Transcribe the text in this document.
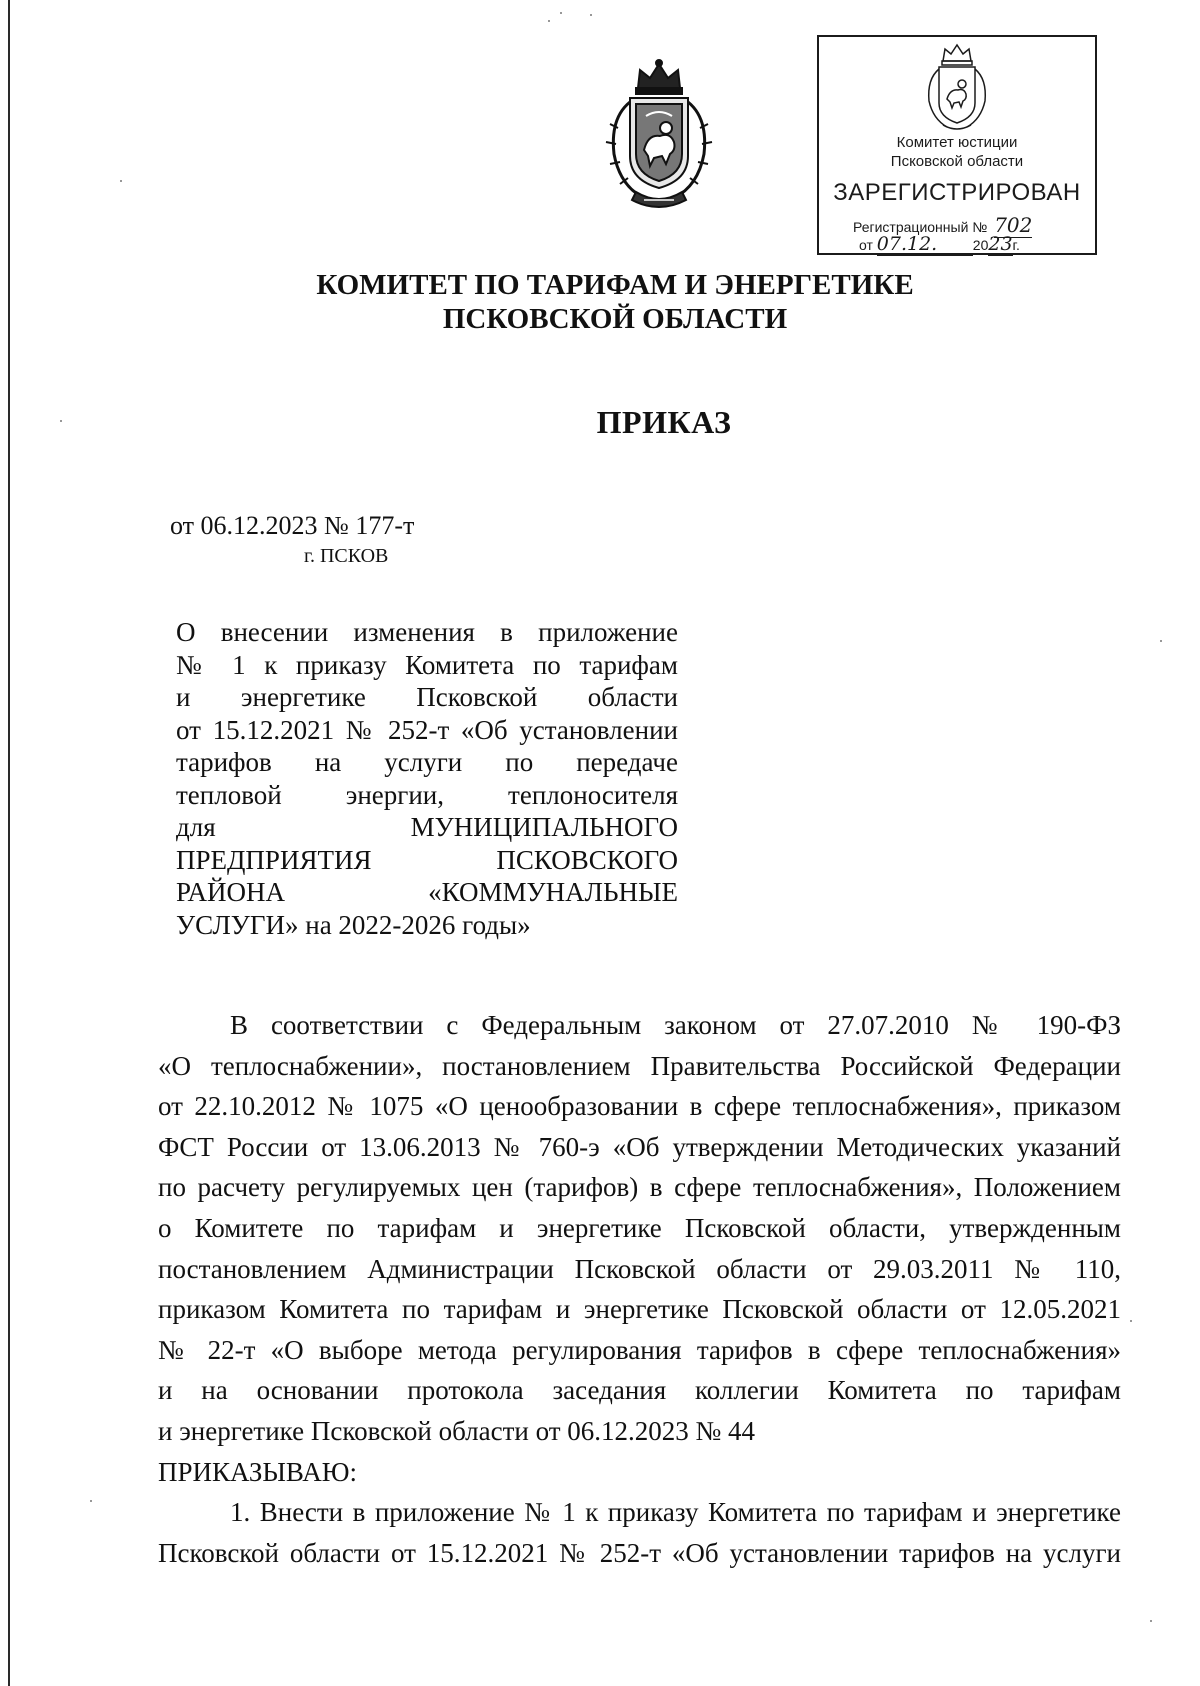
Комитет юстиции
Псковской области
ЗАРЕГИСТРИРОВАН
Регистрационный № 702
от 07.12.	2023г.
КОМИТЕТ ПО ТАРИФАМ И ЭНЕРГЕТИКЕ
ПСКОВСКОЙ ОБЛАСТИ
ПРИКАЗ
от 06.12.2023 № 177-т
г. ПСКОВ
О внесении изменения в приложение
№ 1 к приказу Комитета по тарифам
и энергетике Псковской области
от 15.12.2021 № 252-т «Об установлении
тарифов на услуги по передаче
тепловой энергии, теплоносителя
для МУНИЦИПАЛЬНОГО
ПРЕДПРИЯТИЯ ПСКОВСКОГО
РАЙОНА «КОММУНАЛЬНЫЕ
УСЛУГИ» на 2022-2026 годы»
В соответствии с Федеральным законом от 27.07.2010 № 190-ФЗ
«О теплоснабжении», постановлением Правительства Российской Федерации
от 22.10.2012 № 1075 «О ценообразовании в сфере теплоснабжения», приказом
ФСТ России от 13.06.2013 № 760-э «Об утверждении Методических указаний
по расчету регулируемых цен (тарифов) в сфере теплоснабжения», Положением
о Комитете по тарифам и энергетике Псковской области, утвержденным
постановлением Администрации Псковской области от 29.03.2011 № 110,
приказом Комитета по тарифам и энергетике Псковской области от 12.05.2021
№ 22-т «О выборе метода регулирования тарифов в сфере теплоснабжения»
и на основании протокола заседания коллегии Комитета по тарифам
и энергетике Псковской области от 06.12.2023 № 44
ПРИКАЗЫВАЮ:
1. Внести в приложение № 1 к приказу Комитета по тарифам и энергетике
Псковской области от 15.12.2021 № 252-т «Об установлении тарифов на услуги
